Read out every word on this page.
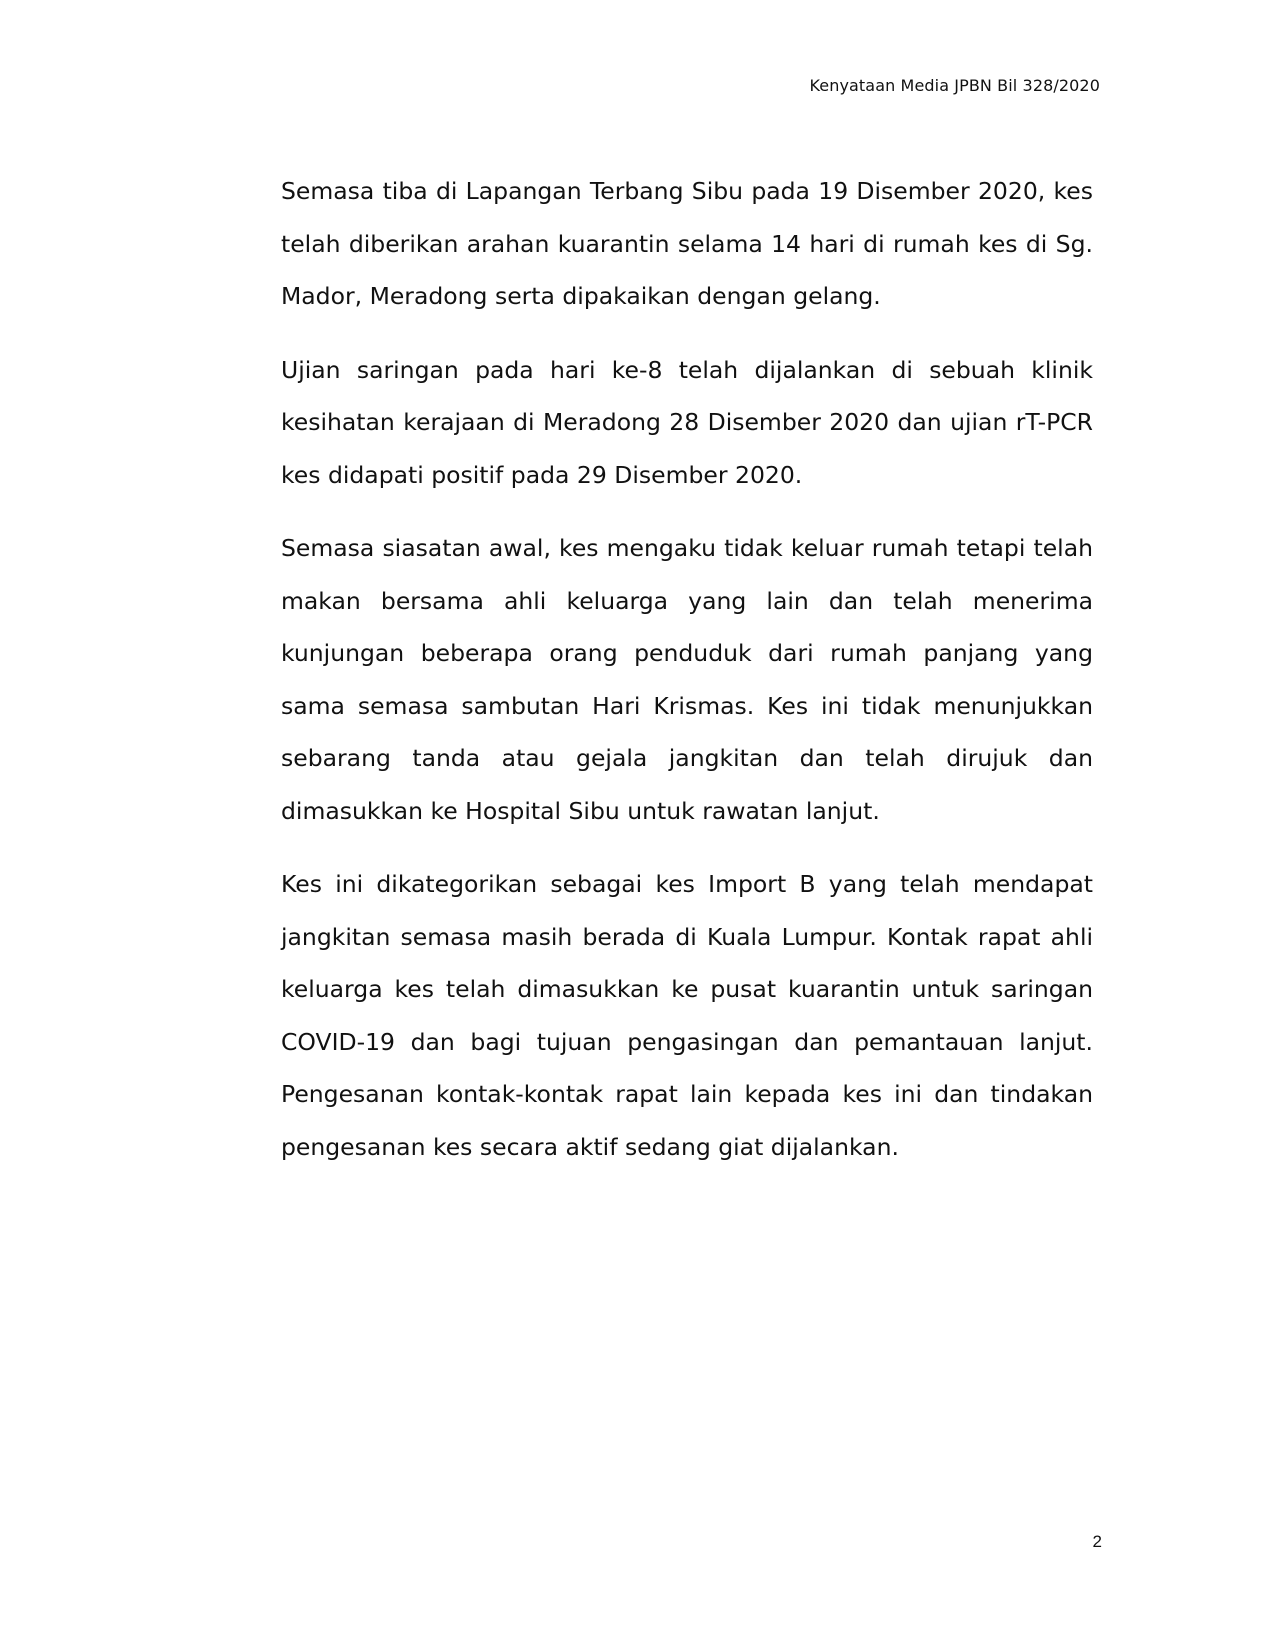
Kenyataan Media JPBN Bil 328/2020

Semasa tiba di Lapangan Terbang Sibu pada 19 Disember 2020, kes telah diberikan arahan kuarantin selama 14 hari di rumah kes di Sg. Mador, Meradong serta dipakaikan dengan gelang.

Ujian saringan pada hari ke-8 telah dijalankan di sebuah klinik kesihatan kerajaan di Meradong 28 Disember 2020 dan ujian rT-PCR kes didapati positif pada 29 Disember 2020.

Semasa siasatan awal, kes mengaku tidak keluar rumah tetapi telah makan bersama ahli keluarga yang lain dan telah menerima kunjungan beberapa orang penduduk dari rumah panjang yang sama semasa sambutan Hari Krismas. Kes ini tidak menunjukkan sebarang tanda atau gejala jangkitan dan telah dirujuk dan dimasukkan ke Hospital Sibu untuk rawatan lanjut.

Kes ini dikategorikan sebagai kes Import B yang telah mendapat jangkitan semasa masih berada di Kuala Lumpur. Kontak rapat ahli keluarga kes telah dimasukkan ke pusat kuarantin untuk saringan COVID-19 dan bagi tujuan pengasingan dan pemantauan lanjut. Pengesanan kontak-kontak rapat lain kepada kes ini dan tindakan pengesanan kes secara aktif sedang giat dijalankan.

2
